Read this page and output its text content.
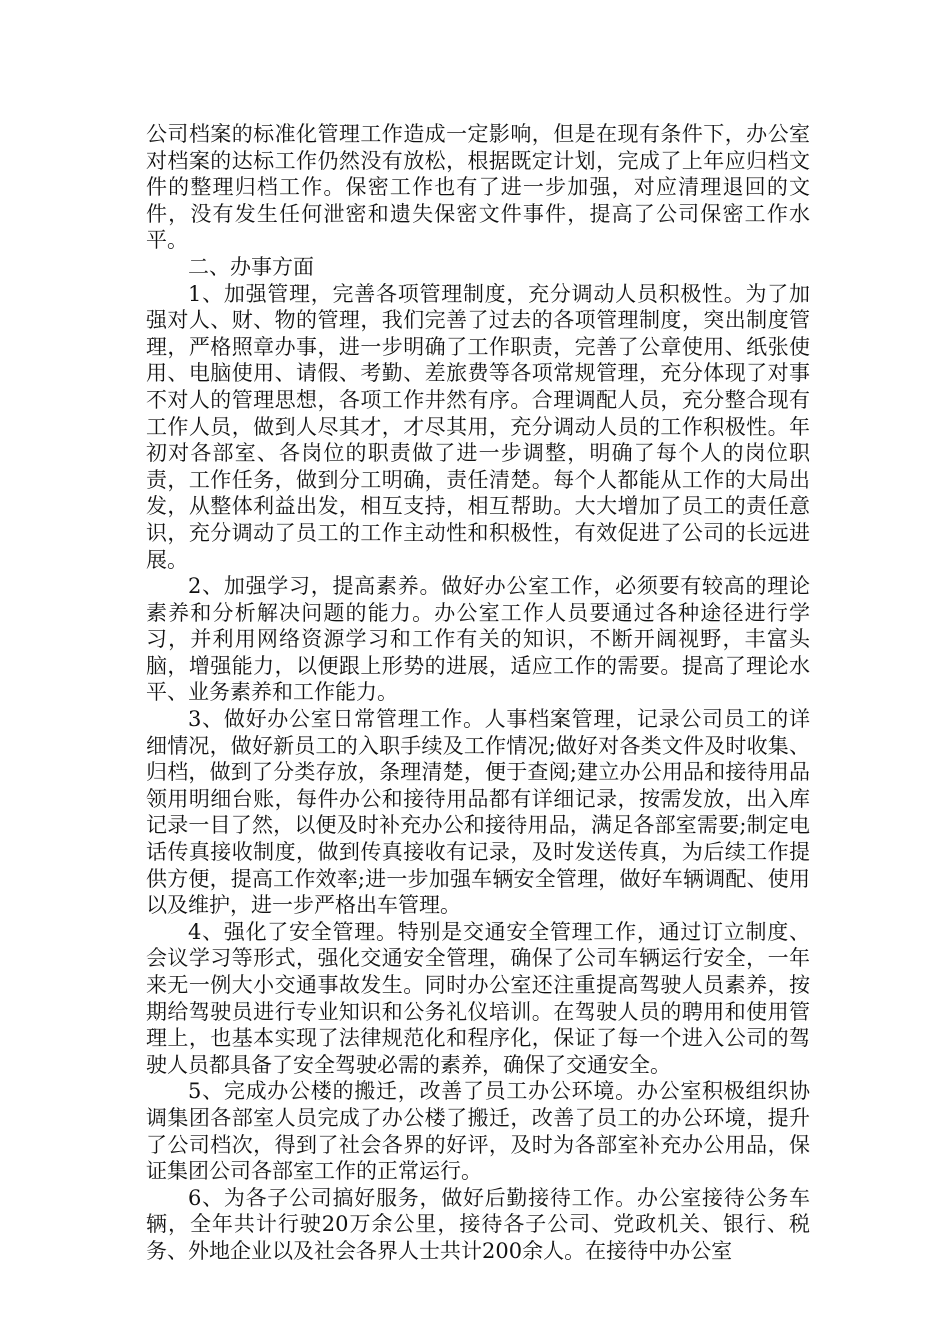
公司档案的标准化管理工作造成一定影响，但是在现有条件下，办公室对档案的达标工作仍然没有放松，根据既定计划，完成了上年应归档文件的整理归档工作。保密工作也有了进一步加强，对应清理退回的文件，没有发生任何泄密和遗失保密文件事件，提高了公司保密工作水平。

二、办事方面

1、加强管理，完善各项管理制度，充分调动人员积极性。为了加强对人、财、物的管理，我们完善了过去的各项管理制度，突出制度管理，严格照章办事，进一步明确了工作职责，完善了公章使用、纸张使用、电脑使用、请假、考勤、差旅费等各项常规管理，充分体现了对事不对人的管理思想，各项工作井然有序。合理调配人员，充分整合现有工作人员，做到人尽其才，才尽其用，充分调动人员的工作积极性。年初对各部室、各岗位的职责做了进一步调整，明确了每个人的岗位职责，工作任务，做到分工明确，责任清楚。每个人都能从工作的大局出发，从整体利益出发，相互支持，相互帮助。大大增加了员工的责任意识，充分调动了员工的工作主动性和积极性，有效促进了公司的长远进展。

2、加强学习，提高素养。做好办公室工作，必须要有较高的理论素养和分析解决问题的能力。办公室工作人员要通过各种途径进行学习，并利用网络资源学习和工作有关的知识，不断开阔视野，丰富头脑，增强能力，以便跟上形势的进展，适应工作的需要。提高了理论水平、业务素养和工作能力。

3、做好办公室日常管理工作。人事档案管理，记录公司员工的详细情况，做好新员工的入职手续及工作情况;做好对各类文件及时收集、归档，做到了分类存放，条理清楚，便于查阅;建立办公用品和接待用品领用明细台账，每件办公和接待用品都有详细记录，按需发放，出入库记录一目了然，以便及时补充办公和接待用品，满足各部室需要;制定电话传真接收制度，做到传真接收有记录，及时发送传真，为后续工作提供方便，提高工作效率;进一步加强车辆安全管理，做好车辆调配、使用以及维护，进一步严格出车管理。

4、强化了安全管理。特别是交通安全管理工作，通过订立制度、会议学习等形式，强化交通安全管理，确保了公司车辆运行安全，一年来无一例大小交通事故发生。同时办公室还注重提高驾驶人员素养，按期给驾驶员进行专业知识和公务礼仪培训。在驾驶人员的聘用和使用管理上，也基本实现了法律规范化和程序化，保证了每一个进入公司的驾驶人员都具备了安全驾驶必需的素养，确保了交通安全。

5、完成办公楼的搬迁，改善了员工办公环境。办公室积极组织协调集团各部室人员完成了办公楼了搬迁，改善了员工的办公环境，提升了公司档次，得到了社会各界的好评，及时为各部室补充办公用品，保证集团公司各部室工作的正常运行。

6、为各子公司搞好服务，做好后勤接待工作。办公室接待公务车辆，全年共计行驶20万余公里，接待各子公司、党政机关、银行、税务、外地企业以及社会各界人士共计200余人。在接待中办公室
